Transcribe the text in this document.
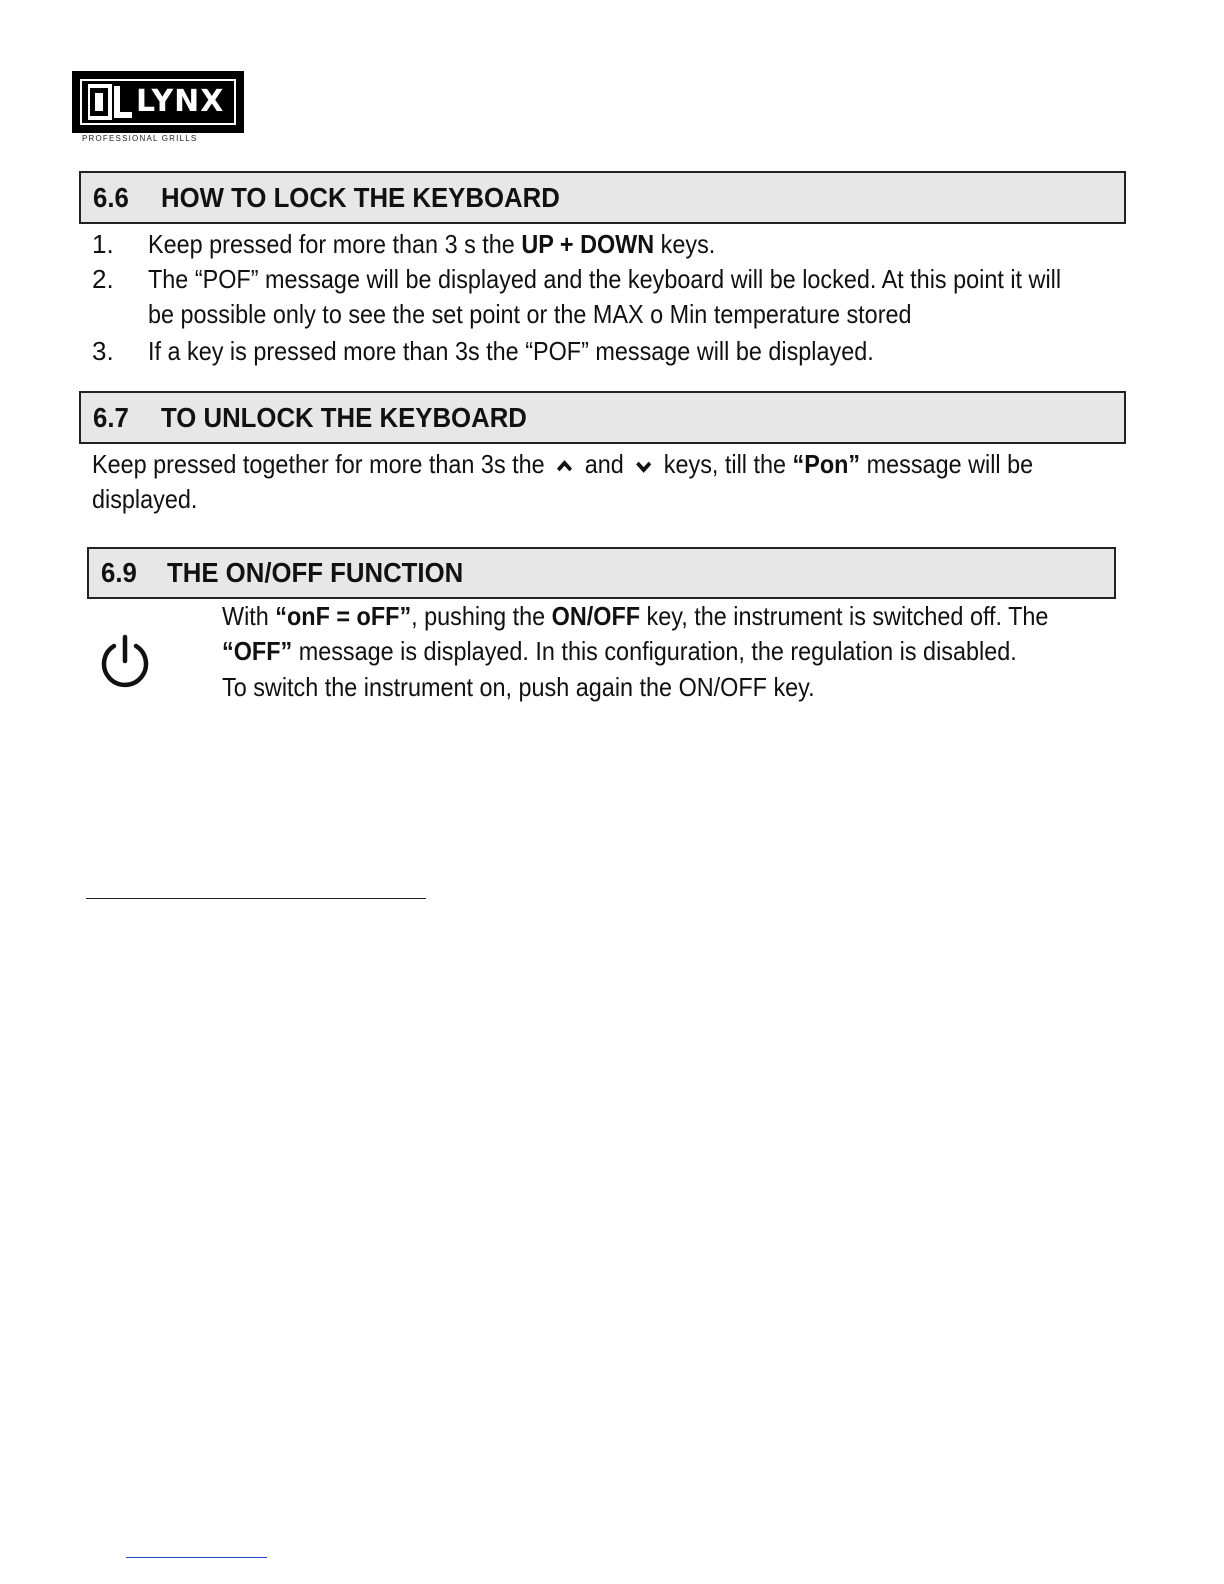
LYNX
PROFESSIONAL GRILLS
6.6 HOW TO LOCK THE KEYBOARD
1. Keep pressed for more than 3 s the UP + DOWN keys.
2. The “POF” message will be displayed and the keyboard will be locked. At this point it will
be possible only to see the set point or the MAX o Min temperature stored
3. If a key is pressed more than 3s the “POF” message will be displayed.
6.7 TO UNLOCK THE KEYBOARD
Keep pressed together for more than 3s the and keys, till the “Pon” message will be
displayed.
6.9 THE ON/OFF FUNCTION
With “onF = oFF”, pushing the ON/OFF key, the instrument is switched off. The
“OFF” message is displayed. In this configuration, the regulation is disabled.
To switch the instrument on, push again the ON/OFF key.
